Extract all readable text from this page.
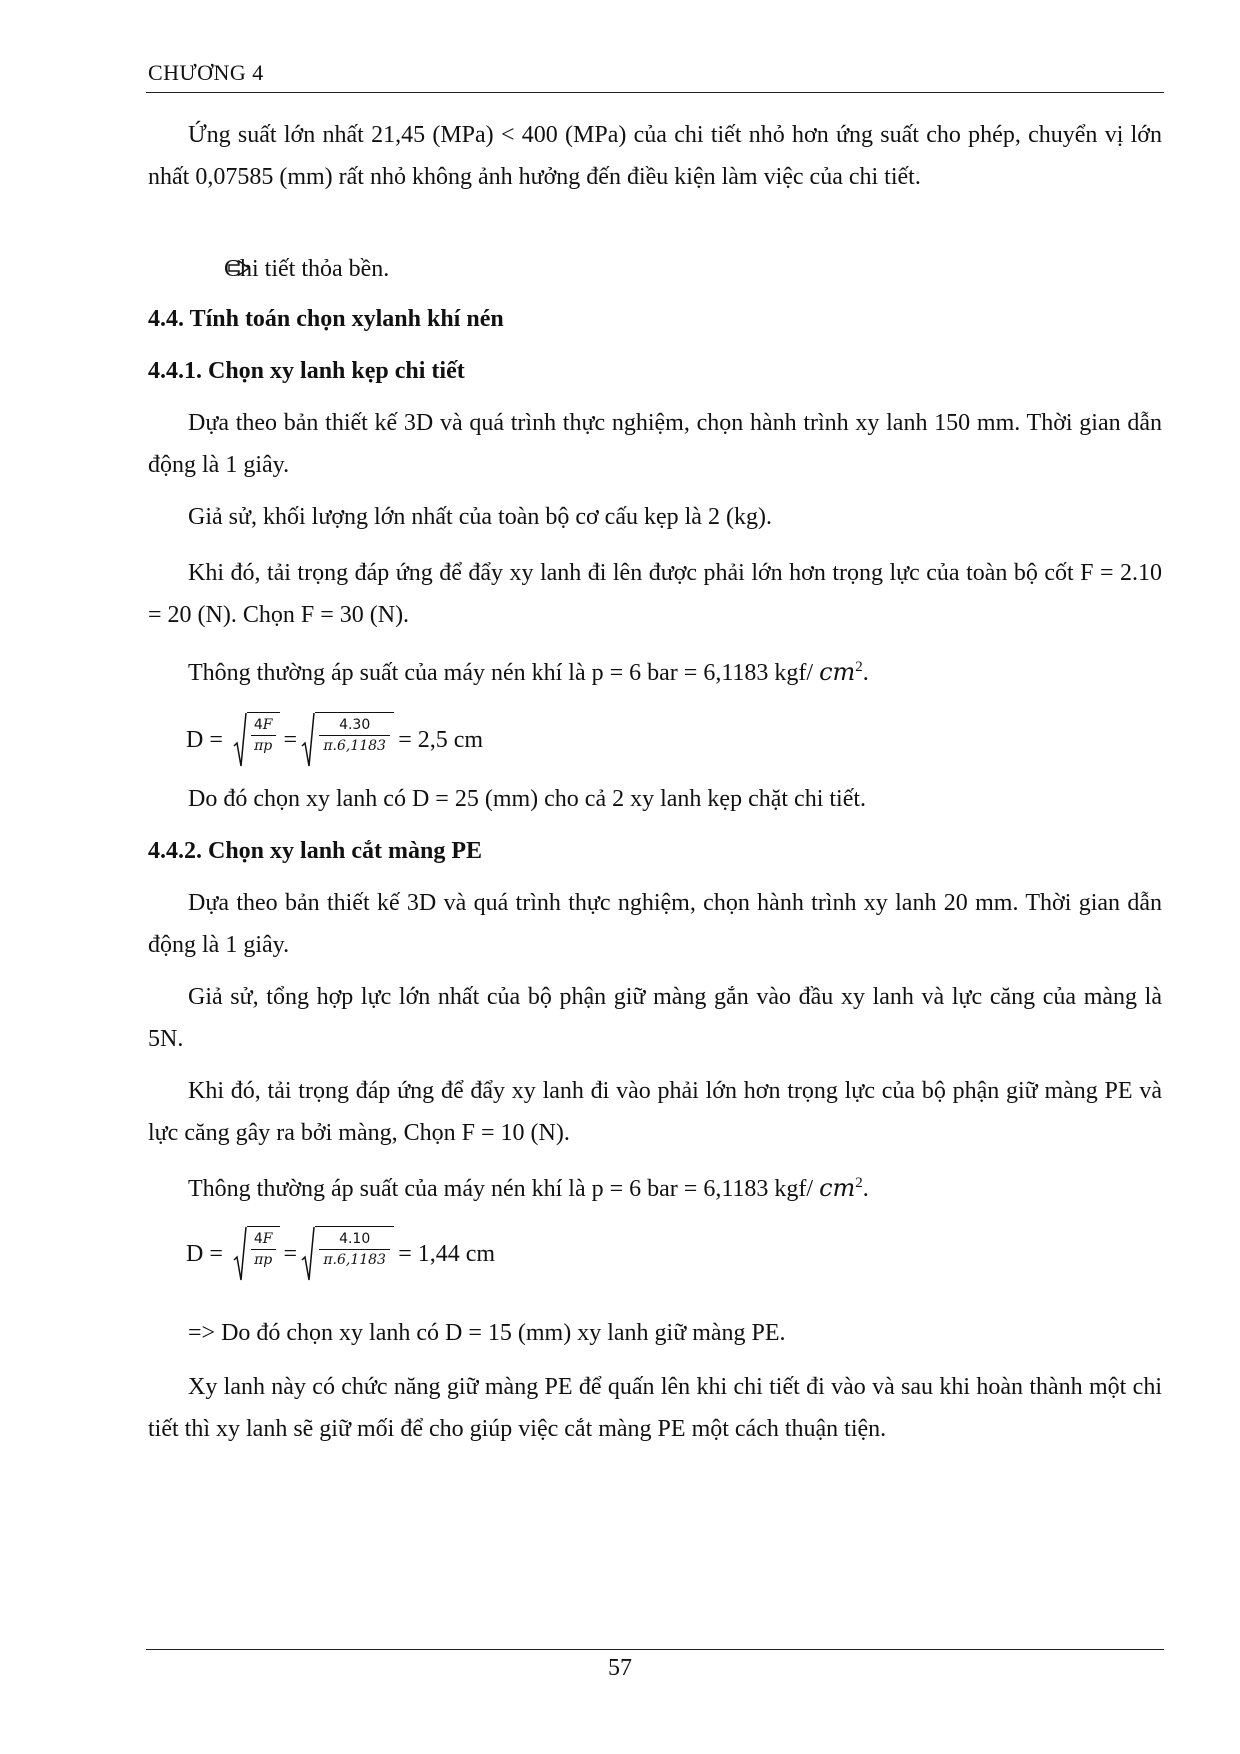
CHƯƠNG 4
Ứng suất lớn nhất 21,45 (MPa) < 400 (MPa) của chi tiết nhỏ hơn ứng suất cho phép, chuyển vị lớn nhất 0,07585 (mm) rất nhỏ không ảnh hưởng đến điều kiện làm việc của chi tiết.
Chi tiết thỏa bền.
4.4. Tính toán chọn xylanh khí nén
4.4.1. Chọn xy lanh kẹp chi tiết
Dựa theo bản thiết kế 3D và quá trình thực nghiệm, chọn hành trình xy lanh 150 mm. Thời gian dẫn động là 1 giây.
Giả sử, khối lượng lớn nhất của toàn bộ cơ cấu kẹp là 2 (kg).
Khi đó, tải trọng đáp ứng để đẩy xy lanh đi lên được phải lớn hơn trọng lực của toàn bộ cốt F = 2.10 = 20 (N). Chọn F = 30 (N).
Thông thường áp suất của máy nén khí là p = 6 bar = 6,1183 kgf/ $cm^2$.
$D = \frac{4F}{\pi p} = \frac{4.30}{\pi.6,1183} = 2,5$ cm
Do đó chọn xy lanh có D = 25 (mm) cho cả 2 xy lanh kẹp chặt chi tiết.
4.4.2. Chọn xy lanh cắt màng PE
Dựa theo bản thiết kế 3D và quá trình thực nghiệm, chọn hành trình xy lanh 20 mm. Thời gian dẫn động là 1 giây.
Giả sử, tổng hợp lực lớn nhất của bộ phận giữ màng gắn vào đầu xy lanh và lực căng của màng là 5N.
Khi đó, tải trọng đáp ứng để đẩy xy lanh đi vào phải lớn hơn trọng lực của bộ phận giữ màng PE và lực căng gây ra bởi màng, Chọn F = 10 (N).
Thông thường áp suất của máy nén khí là p = 6 bar = 6,1183 kgf/ $cm^2$.
$D = \frac{4F}{\pi p} = \frac{4.10}{\pi.6,1183} = 1,44$ cm
=> Do đó chọn xy lanh có D = 15 (mm) xy lanh giữ màng PE.
Xy lanh này có chức năng giữ màng PE để quấn lên khi chi tiết đi vào và sau khi hoàn thành một chi tiết thì xy lanh sẽ giữ mối để cho giúp việc cắt màng PE một cách thuận tiện.
57
